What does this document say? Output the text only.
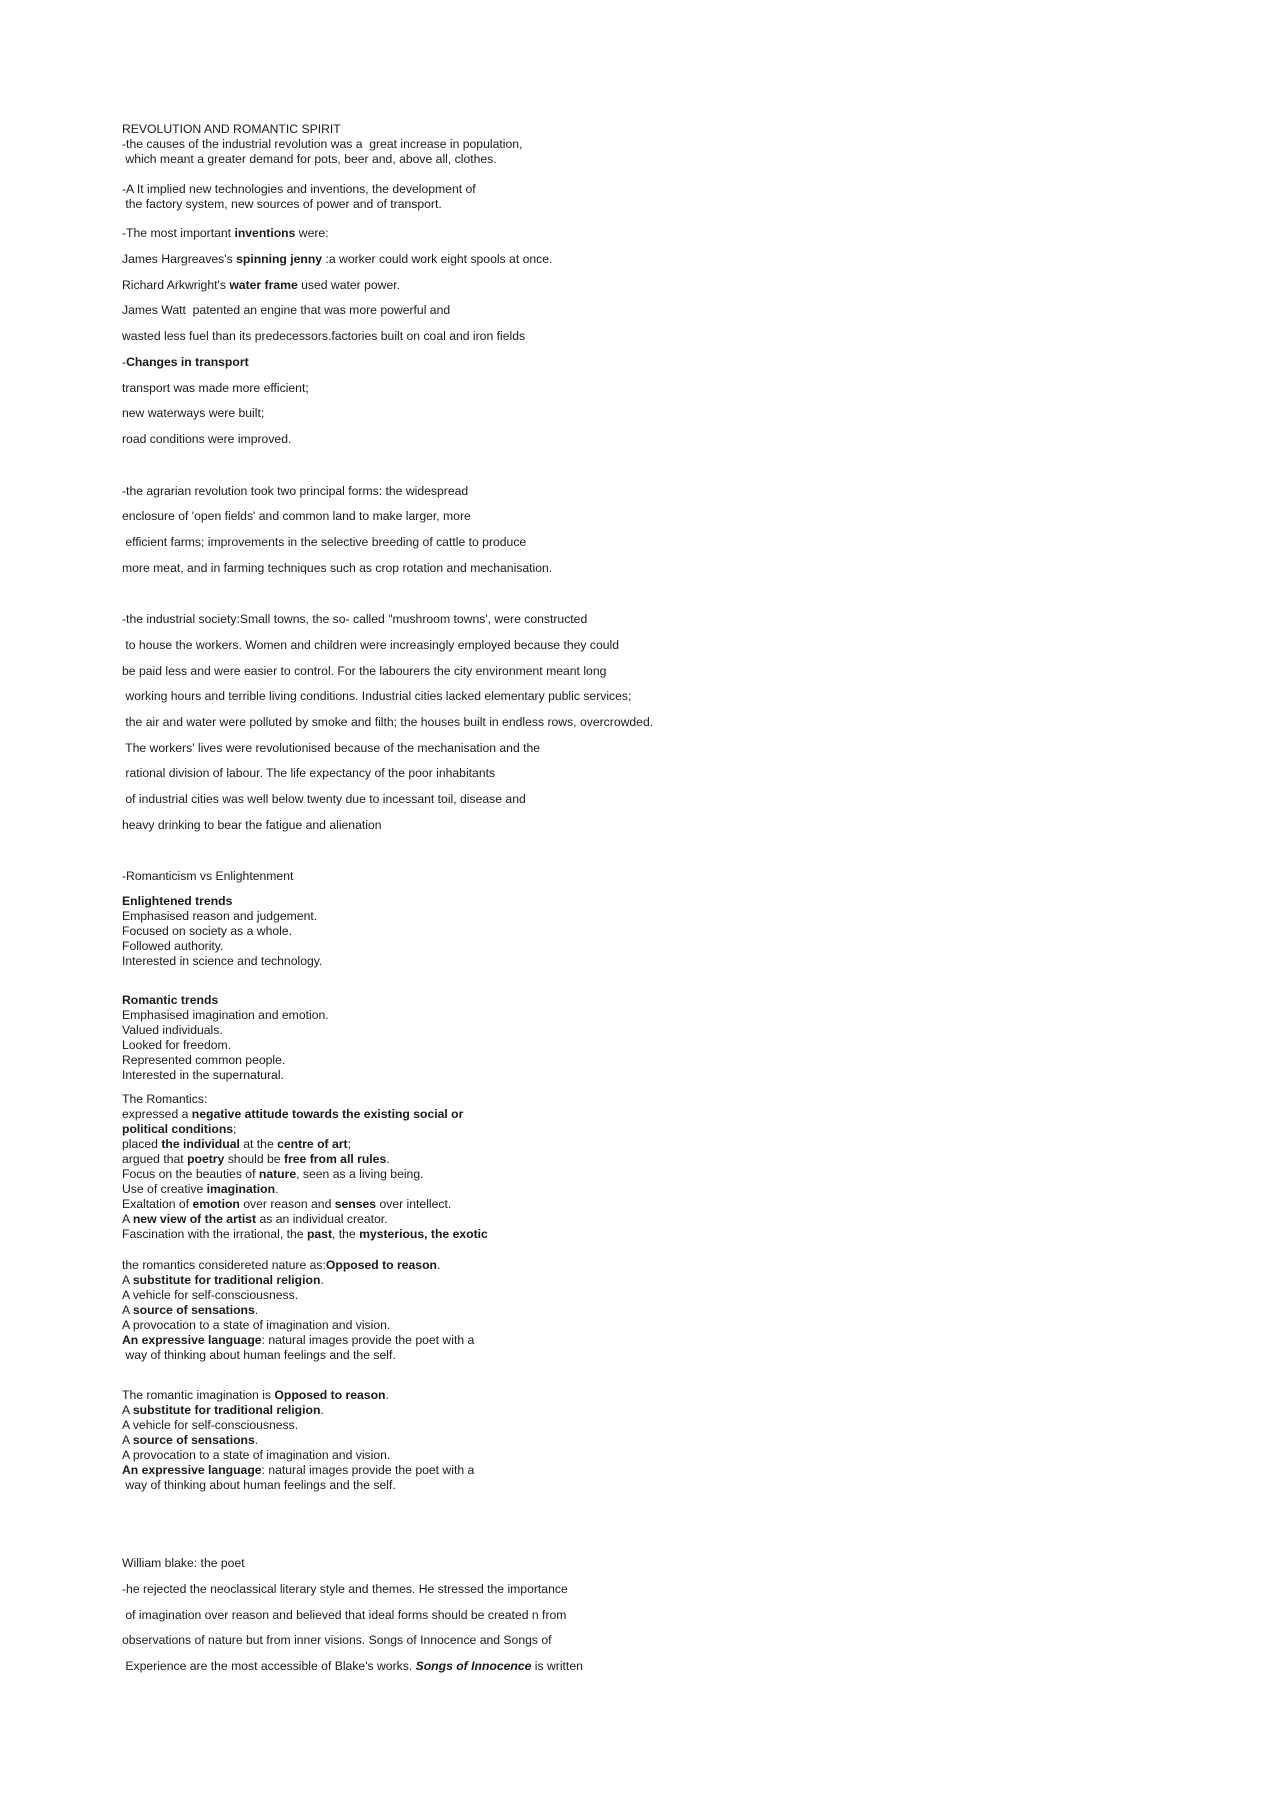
REVOLUTION AND ROMANTIC SPIRIT
-the causes of the industrial revolution was a  great increase in population,
which meant a greater demand for pots, beer and, above all, clothes.
-A It implied new technologies and inventions, the development of
the factory system, new sources of power and of transport.
-The most important inventions were:
James Hargreaves's spinning jenny :a worker could work eight spools at once.
Richard Arkwright's water frame used water power.
James Watt  patented an engine that was more powerful and
wasted less fuel than its predecessors.factories built on coal and iron fields
-Changes in transport
transport was made more efficient;
new waterways were built;
road conditions were improved.
-the agrarian revolution took two principal forms: the widespread
enclosure of 'open fields' and common land to make larger, more
efficient farms; improvements in the selective breeding of cattle to produce
more meat, and in farming techniques such as crop rotation and mechanisation.
-the industrial society:Small towns, the so- called "mushroom towns', were constructed
to house the workers. Women and children were increasingly employed because they could
be paid less and were easier to control. For the labourers the city environment meant long
working hours and terrible living conditions. Industrial cities lacked elementary public services;
the air and water were polluted by smoke and filth; the houses built in endless rows, overcrowded.
The workers' lives were revolutionised because of the mechanisation and the
rational division of labour. The life expectancy of the poor inhabitants
of industrial cities was well below twenty due to incessant toil, disease and
heavy drinking to bear the fatigue and alienation
-Romanticism vs Enlightenment
Enlightened trends
Emphasised reason and judgement.
Focused on society as a whole.
Followed authority.
Interested in science and technology.
Romantic trends
Emphasised imagination and emotion.
Valued individuals.
Looked for freedom.
Represented common people.
Interested in the supernatural.
The Romantics:
expressed a negative attitude towards the existing social or
political conditions;
placed the individual at the centre of art;
argued that poetry should be free from all rules.
Focus on the beauties of nature, seen as a living being.
Use of creative imagination.
Exaltation of emotion over reason and senses over intellect.
A new view of the artist as an individual creator.
Fascination with the irrational, the past, the mysterious, the exotic
the romantics considereted nature as:Opposed to reason.
A substitute for traditional religion.
A vehicle for self-consciousness.
A source of sensations.
A provocation to a state of imagination and vision.
An expressive language: natural images provide the poet with a
way of thinking about human feelings and the self.
The romantic imagination is Opposed to reason.
A substitute for traditional religion.
A vehicle for self-consciousness.
A source of sensations.
A provocation to a state of imagination and vision.
An expressive language: natural images provide the poet with a
way of thinking about human feelings and the self.
William blake: the poet
-he rejected the neoclassical literary style and themes. He stressed the importance
of imagination over reason and believed that ideal forms should be created n from
observations of nature but from inner visions. Songs of Innocence and Songs of
Experience are the most accessible of Blake's works. Songs of Innocence is written
